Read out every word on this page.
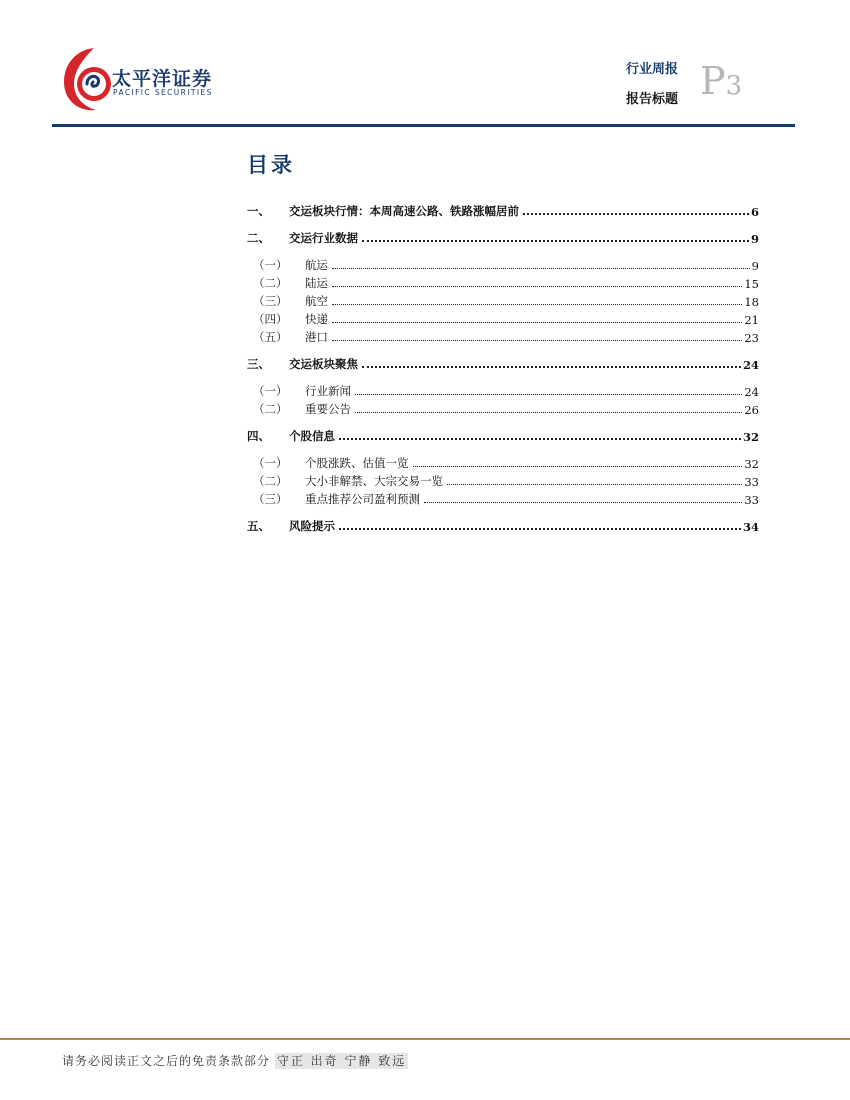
太平洋证券
PACIFIC SECURITIES
行业周报
报告标题 P3
目录
一、	交运板块行情：本周高速公路、铁路涨幅居前	6
二、	交运行业数据	9
（一）	航运	9
（二）	陆运	15
（三）	航空	18
（四）	快递	21
（五）	港口	23
三、	交运板块聚焦	24
（一）	行业新闻	24
（二）	重要公告	26
四、	个股信息	32
（一）	个股涨跌、估值一览	32
（二）	大小非解禁、大宗交易一览	33
（三）	重点推荐公司盈利预测	33
五、	风险提示	34
请务必阅读正文之后的免责条款部分 守正 出奇 宁静 致远
